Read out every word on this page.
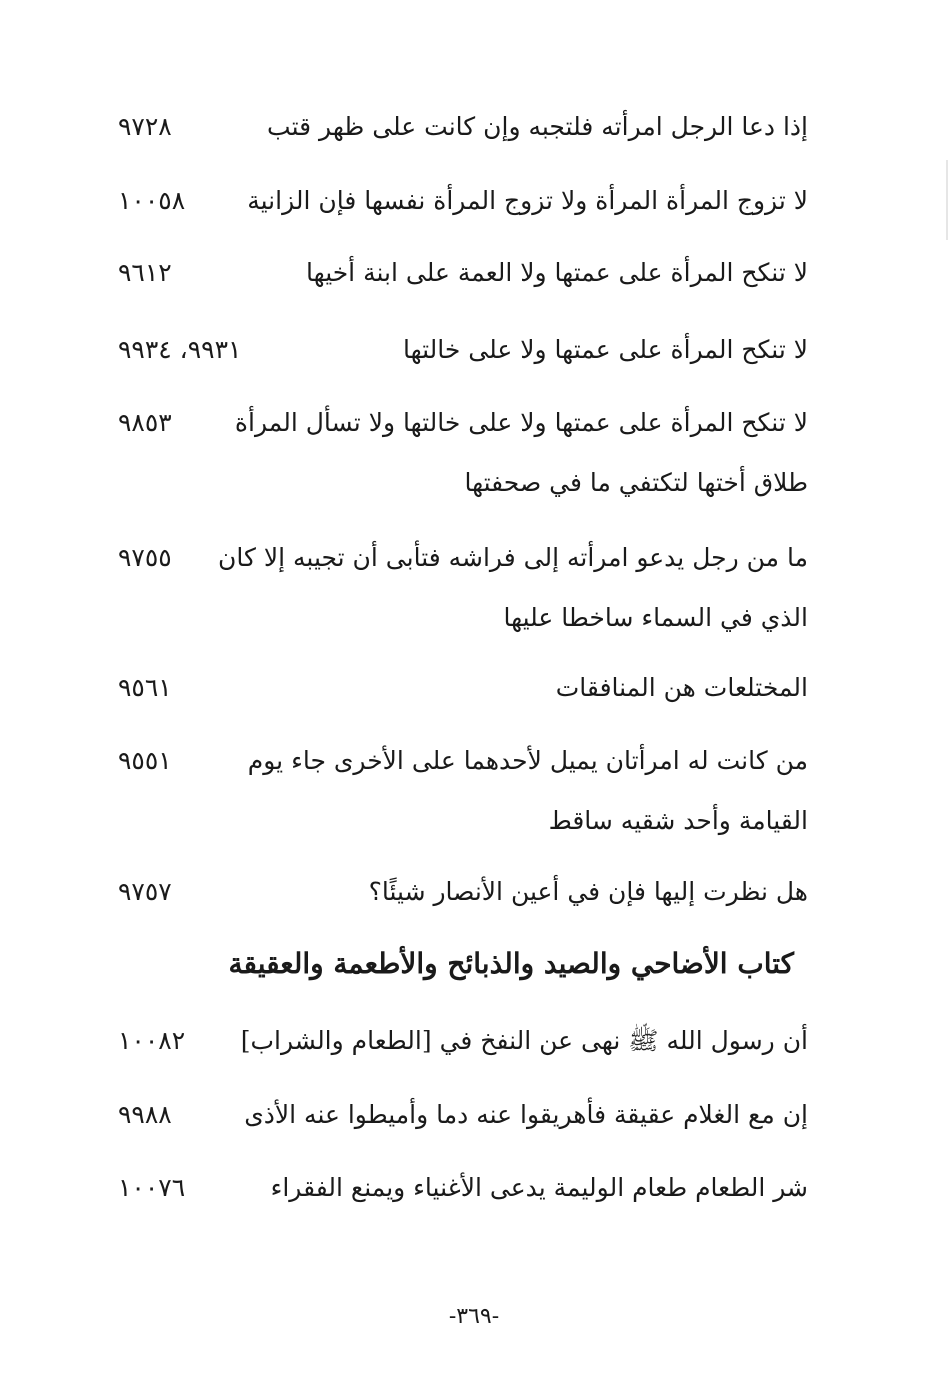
إذا دعا الرجل امرأته فلتجبه وإن كانت على ظهر قتب
٩٧٢٨
لا تزوج المرأة المرأة ولا تزوج المرأة نفسها فإن الزانية
١٠٠٥٨
لا تنكح المرأة على عمتها ولا العمة على ابنة أخيها
٩٦١٢
لا تنكح المرأة على عمتها ولا على خالتها
٩٩٣١، ٩٩٣٤
لا تنكح المرأة على عمتها ولا على خالتها ولا تسأل المرأة
٩٨٥٣
طلاق أختها لتكتفي ما في صحفتها
ما من رجل يدعو امرأته إلى فراشه فتأبى أن تجيبه إلا كان
٩٧٥٥
الذي في السماء ساخطا عليها
المختلعات هن المنافقات
٩٥٦١
من كانت له امرأتان يميل لأحدهما على الأخرى جاء يوم
٩٥٥١
القيامة وأحد شقيه ساقط
هل نظرت إليها فإن في أعين الأنصار شيئًا؟
٩٧٥٧
كتاب الأضاحي والصيد والذبائح والأطعمة والعقيقة
أن رسول الله ﷺ نهى عن النفخ في [الطعام والشراب]
١٠٠٨٢
إن مع الغلام عقيقة فأهريقوا عنه دما وأميطوا عنه الأذى
٩٩٨٨
شر الطعام طعام الوليمة يدعى الأغنياء ويمنع الفقراء
١٠٠٧٦
-٣٦٩-
